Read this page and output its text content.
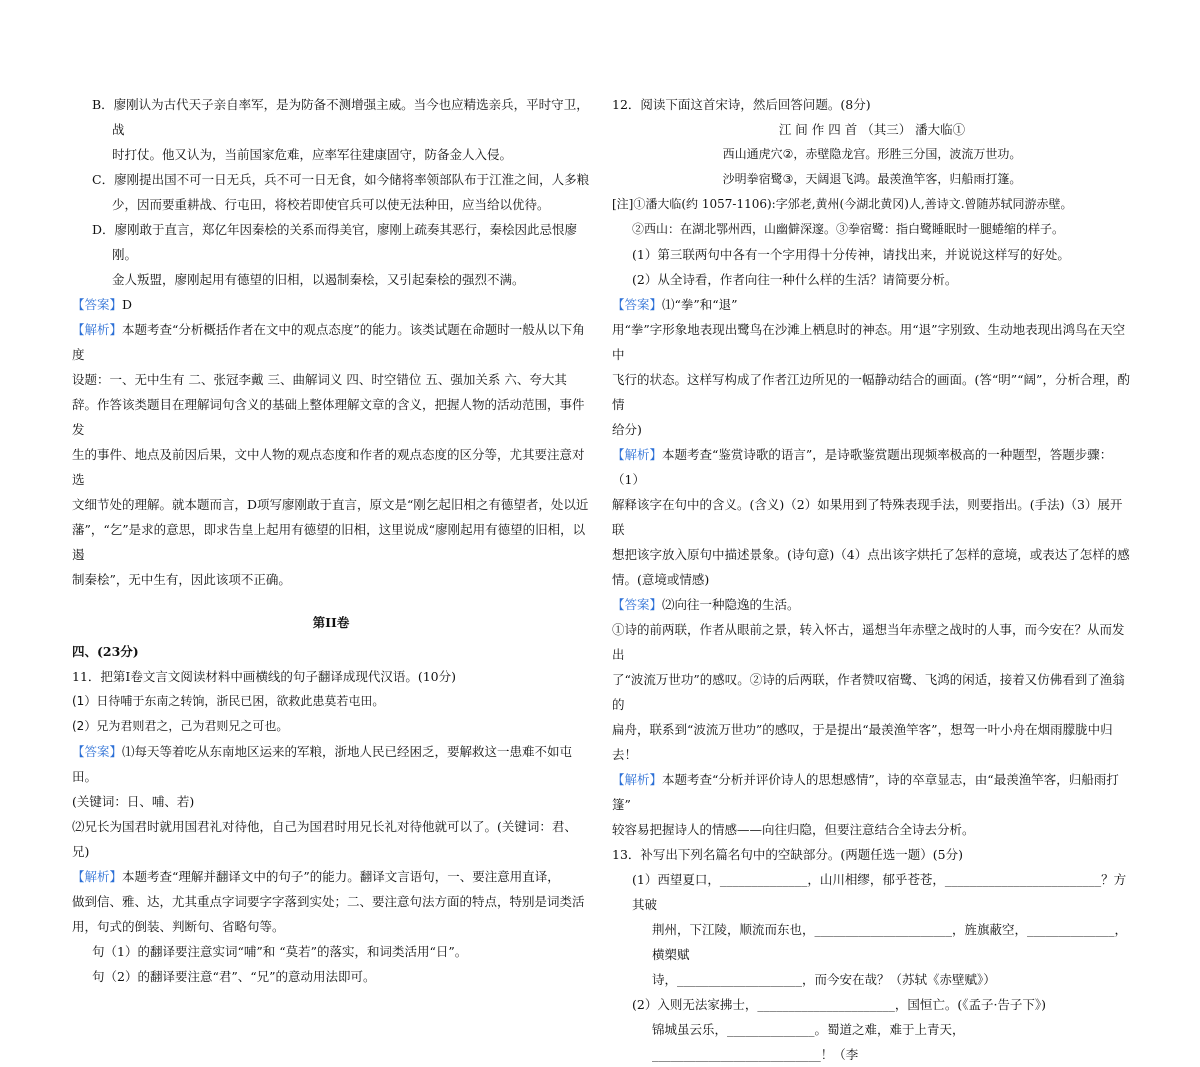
B．廖刚认为古代天子亲自率军，是为防备不测增强主威。当今也应精选亲兵，平时守卫，战

时打仗。他又认为，当前国家危难，应率军往建康固守，防备金人入侵。

C．廖刚提出国不可一日无兵，兵不可一日无食，如今储将率领部队布于江淮之间，人多粮

少，因而要重耕战、行屯田，将校若即使官兵可以使无法种田，应当给以优待。

D．廖刚敢于直言，郑亿年因秦桧的关系而得美官，廖刚上疏奏其恶行，秦桧因此忌恨廖刚。

金人叛盟，廖刚起用有德望的旧相，以遏制秦桧，又引起秦桧的强烈不满。

【答案】D

【解析】本题考查“分析概括作者在文中的观点态度”的能力。该类试题在命题时一般从以下角度

设题：一、无中生有 二、张冠李戴 三、曲解词义 四、时空错位 五、强加关系 六、夸大其

辞。作答该类题目在理解词句含义的基础上整体理解文章的含义，把握人物的活动范围，事件发

生的事件、地点及前因后果，文中人物的观点态度和作者的观点态度的区分等，尤其要注意对选

文细节处的理解。就本题而言，D项写廖刚敢于直言，原文是“刚乞起旧相之有德望者，处以近

藩”，“乞”是求的意思，即求告皇上起用有德望的旧相，这里说成“廖刚起用有德望的旧相，以遏

制秦桧”，无中生有，因此该项不正确。

第II卷

四、(23分)

11．把第Ⅰ卷文言文阅读材料中画横线的句子翻译成现代汉语。(10分)

(1）日待哺于东南之转饷，浙民已困，欲救此患莫若屯田。

(2）兄为君则君之，己为君则兄之可也。

【答案】⑴每天等着吃从东南地区运来的军粮，浙地人民已经困乏，要解救这一患难不如屯田。

(关键词：日、哺、若)

⑵兄长为国君时就用国君礼对待他，自己为国君时用兄长礼对待他就可以了。(关键词：君、兄)

【解析】本题考查“理解并翻译文中的句子”的能力。翻译文言语句，一、要注意用直译，

做到信、雅、达，尤其重点字词要字字落到实处；二、要注意句法方面的特点，特别是词类活

用，句式的倒装、判断句、省略句等。

句（1）的翻译要注意实词“哺”和 “莫若”的落实，和词类活用“日”。

句（2）的翻译要注意“君”、“兄”的意动用法即可。

12．阅读下面这首宋诗，然后回答问题。(8分)

江 间 作 四 首 （其三） 潘大临①

西山通虎穴②，赤壁隐龙宫。形胜三分国，波流万世功。

沙明拳宿鹭③，天阔退飞鸿。最羡渔竿客，归船雨打篷。

[注]①潘大临(约 1057-1106):字邠老,黄州(今湖北黄冈)人,善诗文.曾随苏轼同游赤壁。

②西山：在湖北鄂州西，山幽僻深邃。③拳宿鹭：指白鹭睡眠时一腿蜷缩的样子。

(1）第三联两句中各有一个字用得十分传神，请找出来，并说说这样写的好处。

(2）从全诗看，作者向往一种什么样的生活？请简要分析。

【答案】⑴“拳”和“退”

用“拳”字形象地表现出鹭鸟在沙滩上栖息时的神态。用“退”字别致、生动地表现出鸿鸟在天空中

飞行的状态。这样写构成了作者江边所见的一幅静动结合的画面。(答“明”“阔”，分析合理，酌情

给分)

【解析】本题考查“鉴赏诗歌的语言”，是诗歌鉴赏题出现频率极高的一种题型，答题步骤：（1）

解释该字在句中的含义。(含义)（2）如果用到了特殊表现手法，则要指出。(手法)（3）展开联

想把该字放入原句中描述景象。(诗句意)（4）点出该字烘托了怎样的意境，或表达了怎样的感

情。(意境或情感)

【答案】⑵向往一种隐逸的生活。

①诗的前两联，作者从眼前之景，转入怀古，遥想当年赤壁之战时的人事，而今安在？从而发出

了“波流万世功”的感叹。②诗的后两联，作者赞叹宿鹭、飞鸿的闲适，接着又仿佛看到了渔翁的

扁舟，联系到“波流万世功”的感叹，于是提出“最羡渔竿客”，想驾一叶小舟在烟雨朦胧中归去！

【解析】本题考查“分析并评价诗人的思想感情”，诗的卒章显志，由“最羡渔竿客，归船雨打篷”

较容易把握诗人的情感——向往归隐，但要注意结合全诗去分析。

13．补写出下列名篇名句中的空缺部分。(两题任选一题）(5分)

(1）西望夏口，______________，山川相缪，郁乎苍苍，_________________________？方其破

荆州，下江陵，顺流而东也，______________________，旌旗蔽空，______________，横槊赋

诗，____________________，而今安在哉？（苏轼《赤壁赋》）

(2）入则无法家拂士，______________________，国恒亡。(《孟子·告子下》)

锦城虽云乐，______________。蜀道之难，难于上青天，___________________________！（李
